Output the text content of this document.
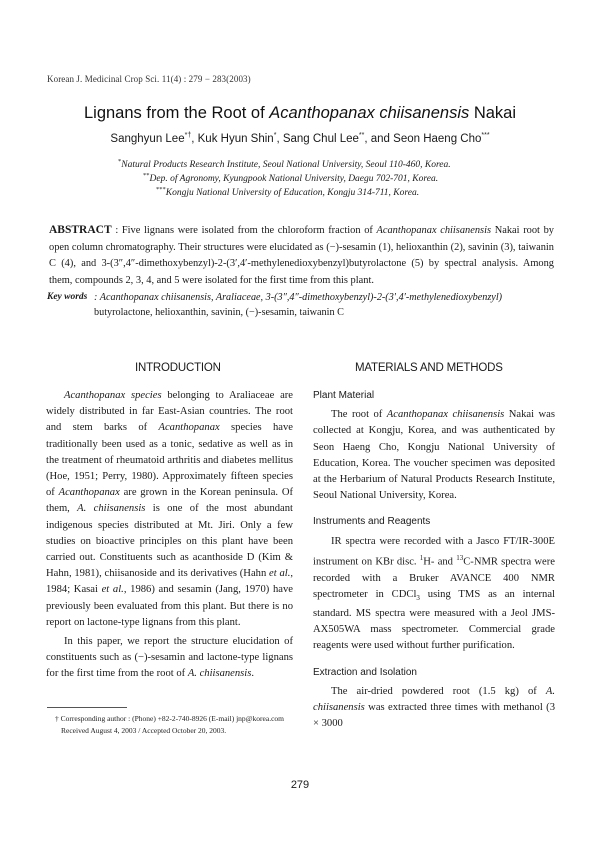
Korean J. Medicinal Crop Sci. 11(4) : 279 − 283(2003)
Lignans from the Root of Acanthopanax chiisanensis Nakai
Sanghyun Lee*†, Kuk Hyun Shin*, Sang Chul Lee**, and Seon Haeng Cho***
*Natural Products Research Institute, Seoul National University, Seoul 110-460, Korea.
**Dep. of Agronomy, Kyungpook National University, Daegu 702-701, Korea.
***Kongju National University of Education, Kongju 314-711, Korea.
ABSTRACT : Five lignans were isolated from the chloroform fraction of Acanthopanax chiisanensis Nakai root by open column chromatography. Their structures were elucidated as (−)-sesamin (1), helioxanthin (2), savinin (3), taiwanin C (4), and 3-(3″,4″-dimethoxybenzyl)-2-(3′,4′-methylenedioxybenzyl)butyrolactone (5) by spectral analysis. Among them, compounds 2, 3, 4, and 5 were isolated for the first time from this plant.
Key words : Acanthopanax chiisanensis, Araliaceae, 3-(3″,4″-dimethoxybenzyl)-2-(3′,4′-methylenedioxybenzyl)
butyrolactone, helioxanthin, savinin, (−)-sesamin, taiwanin C
INTRODUCTION	MATERIALS AND METHODS

Acanthopanax species belonging to Araliaceae are widely distributed in far East-Asian countries. The root and stem barks of Acanthopanax species have traditionally been used as a tonic, sedative as well as in the treatment of rheumatoid arthritis and diabetes mellitus (Hoe, 1951; Perry, 1980). Approximately fifteen species of Acanthopanax are grown in the Korean peninsula. Of them, A. chiisanensis is one of the most abundant indigenous species distributed at Mt. Jiri. Only a few studies on bioactive principles on this plant have been carried out. Constituents such as acanthoside D (Kim & Hahn, 1981), chiisanoside and its derivatives (Hahn et al., 1984; Kasai et al., 1986) and sesamin (Jang, 1970) have previously been evaluated from this plant. But there is no report on lactone-type lignans from this plant.

In this paper, we report the structure elucidation of constituents such as (−)-sesamin and lactone-type lignans for the first time from the root of A. chiisanensis.

Plant Material

The root of Acanthopanax chiisanensis Nakai was collected at Kongju, Korea, and was authenticated by Seon Haeng Cho, Kongju National University of Education, Korea. The voucher specimen was deposited at the Herbarium of Natural Products Research Institute, Seoul National University, Korea.

Instruments and Reagents

IR spectra were recorded with a Jasco FT/IR-300E instrument on KBr disc. $^1$H- and $^{13}$C-NMR spectra were recorded with a Bruker AVANCE 400 NMR spectrometer in CDCl$_3$ using TMS as an internal standard. MS spectra were measured with a Jeol JMS-AX505WA mass spectrometer. Commercial grade reagents were used without further purification.

Extraction and Isolation

The air-dried powdered root (1.5 kg) of A. chiisanensis was extracted three times with methanol (3 × 3000

† Corresponding author : (Phone) +82-2-740-8926 (E-mail) jnp@korea.com
Received August 4, 2003 / Accepted October 20, 2003.
279
